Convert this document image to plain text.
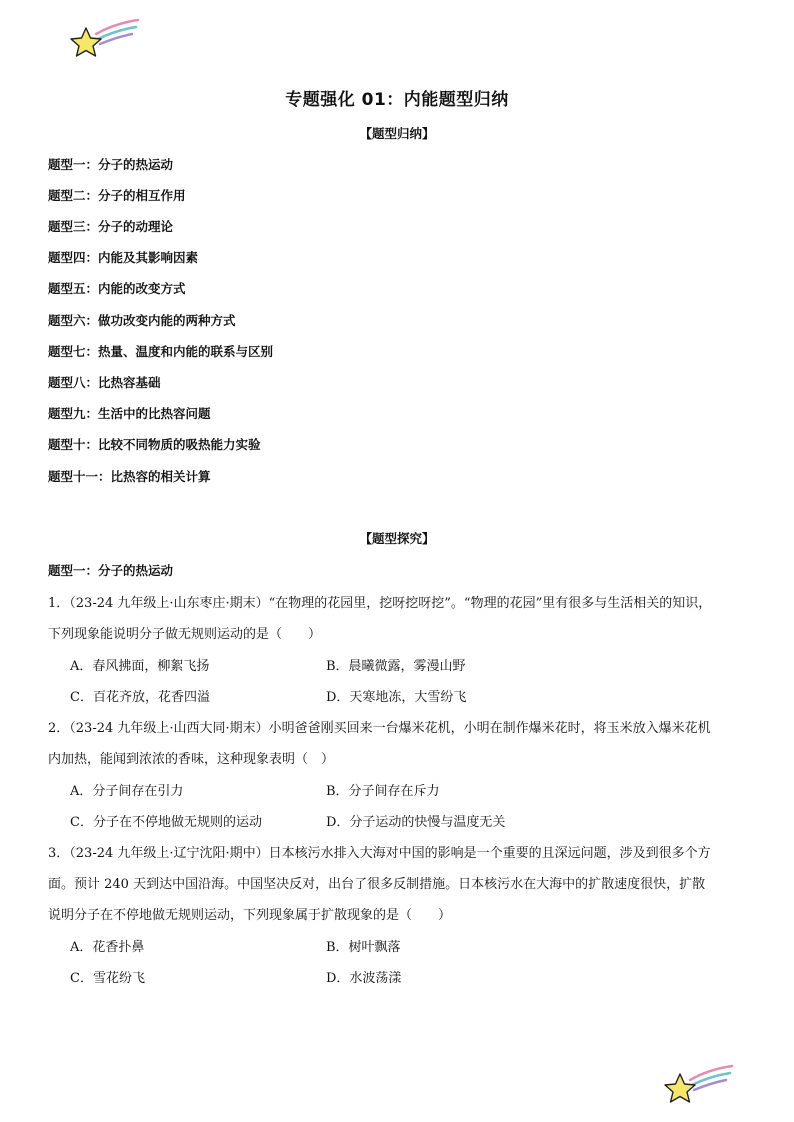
专题强化 01：内能题型归纳
【题型归纳】
题型一：分子的热运动
题型二：分子的相互作用
题型三：分子的动理论
题型四：内能及其影响因素
题型五：内能的改变方式
题型六：做功改变内能的两种方式
题型七：热量、温度和内能的联系与区别
题型八：比热容基础
题型九：生活中的比热容问题
题型十：比较不同物质的吸热能力实验
题型十一：比热容的相关计算
【题型探究】
题型一：分子的热运动
1．（23-24 九年级上·山东枣庄·期末）“在物理的花园里，挖呀挖呀挖”。“物理的花园”里有很多与生活相关的知识，
下列现象能说明分子做无规则运动的是（　　）
A．春风拂面，柳絮飞扬	B．晨曦微露，雾漫山野
C．百花齐放，花香四溢	D．天寒地冻，大雪纷飞
2．（23-24 九年级上·山西大同·期末）小明爸爸刚买回来一台爆米花机，小明在制作爆米花时，将玉米放入爆米花机
内加热，能闻到浓浓的香味，这种现象表明（　）
A．分子间存在引力	B．分子间存在斥力
C．分子在不停地做无规则的运动	D．分子运动的快慢与温度无关
3．（23-24 九年级上·辽宁沈阳·期中）日本核污水排入大海对中国的影响是一个重要的且深远问题，涉及到很多个方
面。预计 240 天到达中国沿海。中国坚决反对，出台了很多反制措施。日本核污水在大海中的扩散速度很快，扩散
说明分子在不停地做无规则运动，下列现象属于扩散现象的是（　　）
A．花香扑鼻	B．树叶飘落
C．雪花纷飞	D．水波荡漾
